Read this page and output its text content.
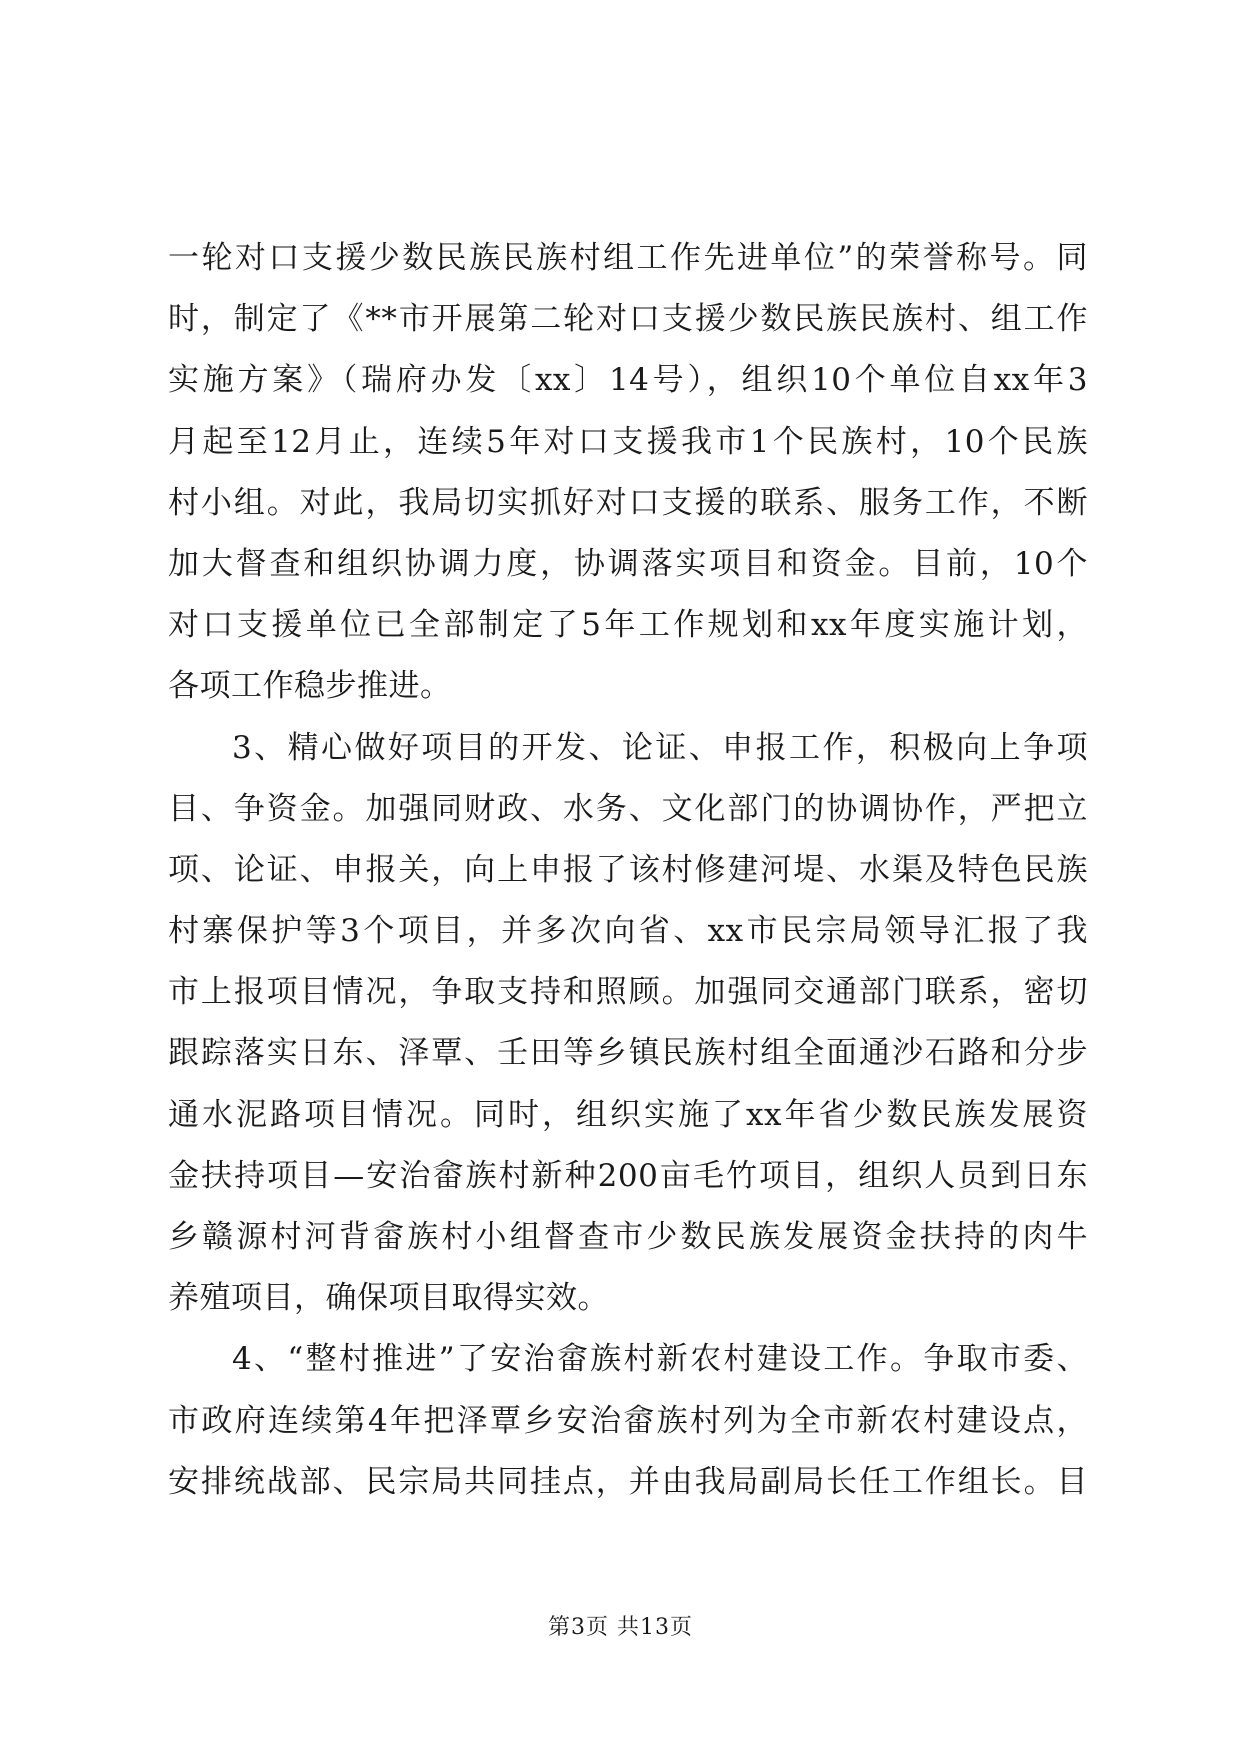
一轮对口支援少数民族民族村组工作先进单位”的荣誉称号。同
时，制定了《**市开展第二轮对口支援少数民族民族村、组工作
实施方案》（瑞府办发〔xx〕14号），组织10个单位自xx年3
月起至12月止，连续5年对口支援我市1个民族村，10个民族
村小组。对此，我局切实抓好对口支援的联系、服务工作，不断
加大督查和组织协调力度，协调落实项目和资金。目前，10个
对口支援单位已全部制定了5年工作规划和xx年度实施计划，
各项工作稳步推进。
3、精心做好项目的开发、论证、申报工作，积极向上争项
目、争资金。加强同财政、水务、文化部门的协调协作，严把立
项、论证、申报关，向上申报了该村修建河堤、水渠及特色民族
村寨保护等3个项目，并多次向省、xx市民宗局领导汇报了我
市上报项目情况，争取支持和照顾。加强同交通部门联系，密切
跟踪落实日东、泽覃、壬田等乡镇民族村组全面通沙石路和分步
通水泥路项目情况。同时，组织实施了xx年省少数民族发展资
金扶持项目—安治畲族村新种200亩毛竹项目，组织人员到日东
乡赣源村河背畲族村小组督查市少数民族发展资金扶持的肉牛
养殖项目，确保项目取得实效。
4、“整村推进”了安治畲族村新农村建设工作。争取市委、
市政府连续第4年把泽覃乡安治畲族村列为全市新农村建设点，
安排统战部、民宗局共同挂点，并由我局副局长任工作组长。目
第3页 共13页
